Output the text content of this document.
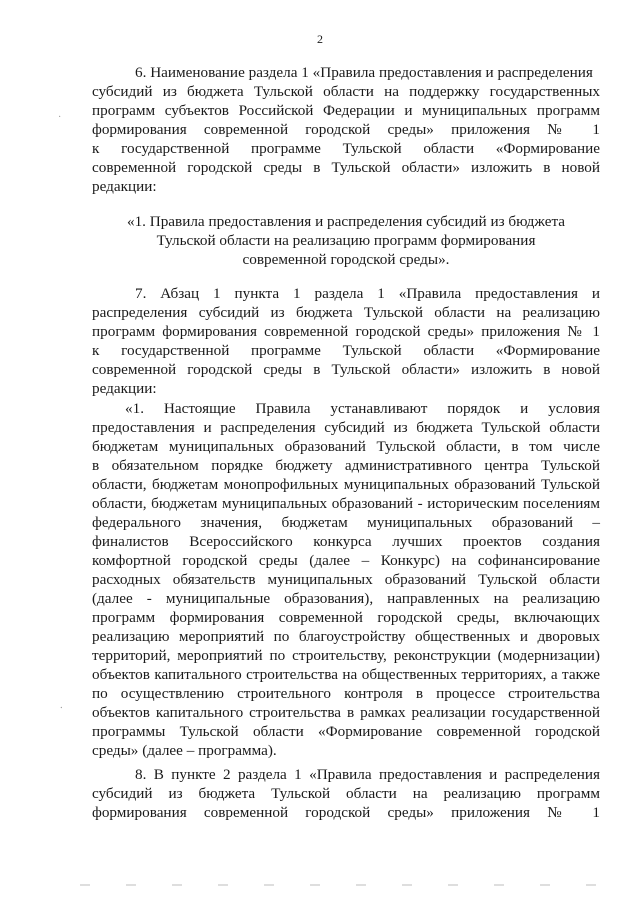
2
6. Наименование раздела 1 «Правила предоставления и распределения
субсидий из бюджета Тульской области на поддержку государственных
программ субъектов Российской Федерации и муниципальных программ
формирования современной городской среды» приложения № 1
к государственной программе Тульской области «Формирование
современной городской среды в Тульской области» изложить в новой
редакции:
«1. Правила предоставления и распределения субсидий из бюджета
Тульской области на реализацию программ формирования
современной городской среды».
7. Абзац 1 пункта 1 раздела 1 «Правила предоставления и
распределения субсидий из бюджета Тульской области на реализацию
программ формирования современной городской среды» приложения № 1
к государственной программе Тульской области «Формирование
современной городской среды в Тульской области» изложить в новой
редакции:
«1. Настоящие Правила устанавливают порядок и условия
предоставления и распределения субсидий из бюджета Тульской области
бюджетам муниципальных образований Тульской области, в том числе
в обязательном порядке бюджету административного центра Тульской
области, бюджетам монопрофильных муниципальных образований Тульской
области, бюджетам муниципальных образований - историческим поселениям
федерального значения, бюджетам муниципальных образований –
финалистов Всероссийского конкурса лучших проектов создания
комфортной городской среды (далее – Конкурс) на софинансирование
расходных обязательств муниципальных образований Тульской области
(далее - муниципальные образования), направленных на реализацию
программ формирования современной городской среды, включающих
реализацию мероприятий по благоустройству общественных и дворовых
территорий, мероприятий по строительству, реконструкции (модернизации)
объектов капитального строительства на общественных территориях, а также
по осуществлению строительного контроля в процессе строительства
объектов капитального строительства в рамках реализации государственной
программы Тульской области «Формирование современной городской
среды» (далее – программа).
8. В пункте 2 раздела 1 «Правила предоставления и распределения
субсидий из бюджета Тульской области на реализацию программ
формирования современной городской среды» приложения № 1
·
⸱
